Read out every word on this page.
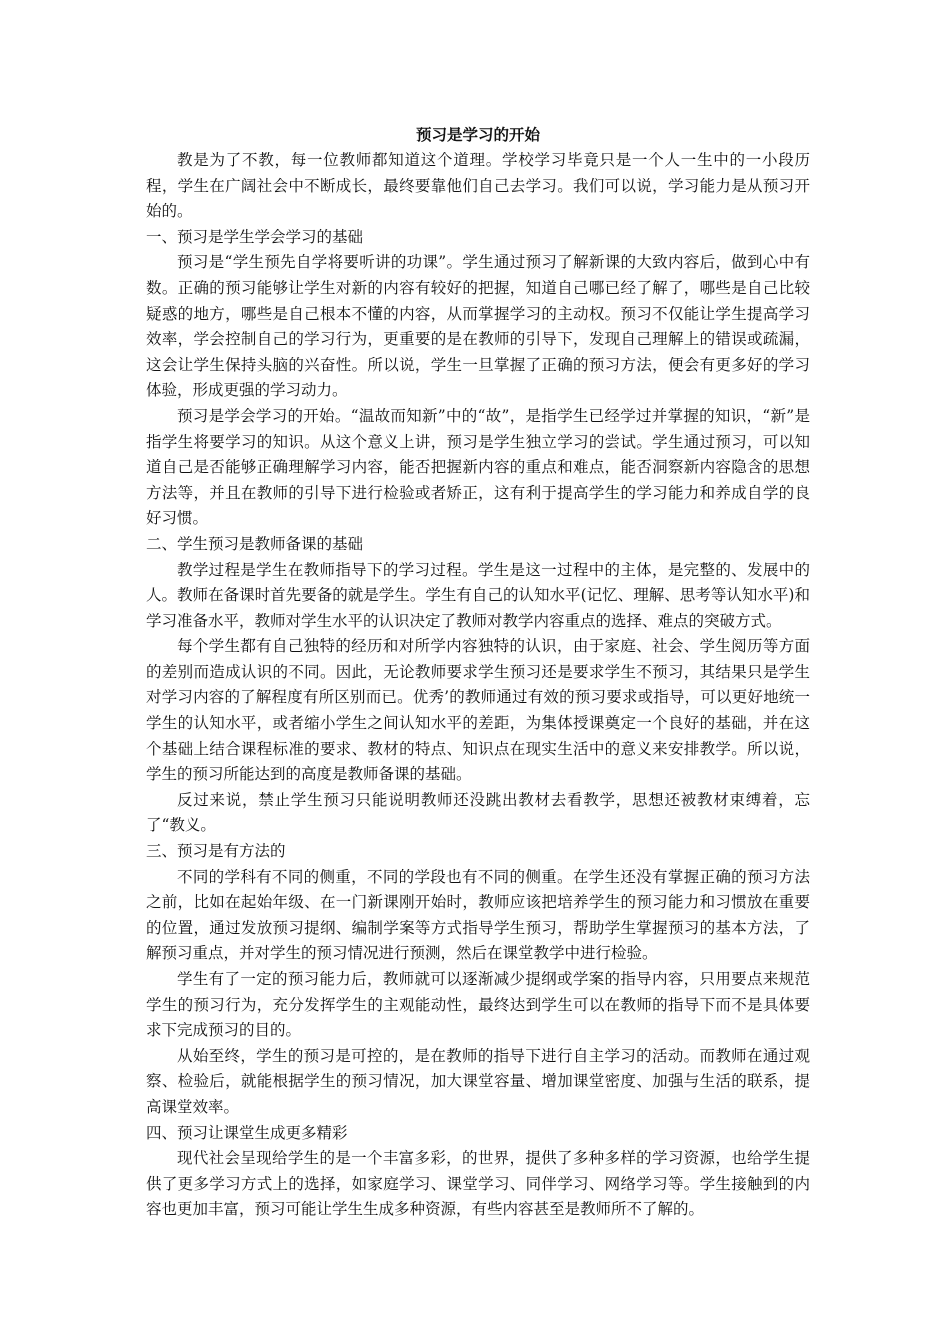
预习是学习的开始

教是为了不教，每一位教师都知道这个道理。学校学习毕竟只是一个人一生中的一小段历程，学生在广阔社会中不断成长，最终要靠他们自己去学习。我们可以说，学习能力是从预习开始的。

一、预习是学生学会学习的基础

预习是“学生预先自学将要听讲的功课”。学生通过预习了解新课的大致内容后，做到心中有数。正确的预习能够让学生对新的内容有较好的把握，知道自己哪已经了解了，哪些是自己比较疑惑的地方，哪些是自己根本不懂的内容，从而掌握学习的主动权。预习不仅能让学生提高学习效率，学会控制自己的学习行为，更重要的是在教师的引导下，发现自己理解上的错误或疏漏，这会让学生保持头脑的兴奋性。所以说，学生一旦掌握了正确的预习方法，便会有更多好的学习体验，形成更强的学习动力。

预习是学会学习的开始。“温故而知新”中的“故”，是指学生已经学过并掌握的知识，“新”是指学生将要学习的知识。从这个意义上讲，预习是学生独立学习的尝试。学生通过预习，可以知道自己是否能够正确理解学习内容，能否把握新内容的重点和难点，能否洞察新内容隐含的思想方法等，并且在教师的引导下进行检验或者矫正，这有利于提高学生的学习能力和养成自学的良好习惯。

二、学生预习是教师备课的基础

教学过程是学生在教师指导下的学习过程。学生是这一过程中的主体，是完整的、发展中的人。教师在备课时首先要备的就是学生。学生有自己的认知水平(记忆、理解、思考等认知水平)和学习准备水平，教师对学生水平的认识决定了教师对教学内容重点的选择、难点的突破方式。

每个学生都有自己独特的经历和对所学内容独特的认识，由于家庭、社会、学生阅历等方面的差别而造成认识的不同。因此，无论教师要求学生预习还是要求学生不预习，其结果只是学生对学习内容的了解程度有所区别而已。优秀’的教师通过有效的预习要求或指导，可以更好地统一学生的认知水平，或者缩小学生之间认知水平的差距，为集体授课奠定一个良好的基础，并在这个基础上结合课程标准的要求、教材的特点、知识点在现实生活中的意义来安排教学。所以说，学生的预习所能达到的高度是教师备课的基础。

反过来说，禁止学生预习只能说明教师还没跳出教材去看教学，思想还被教材束缚着，忘了“教义。

三、预习是有方法的

不同的学科有不同的侧重，不同的学段也有不同的侧重。在学生还没有掌握正确的预习方法之前，比如在起始年级、在一门新课刚开始时，教师应该把培养学生的预习能力和习惯放在重要的位置，通过发放预习提纲、编制学案等方式指导学生预习，帮助学生掌握预习的基本方法，了解预习重点，并对学生的预习情况进行预测，然后在课堂教学中进行检验。

学生有了一定的预习能力后，教师就可以逐渐减少提纲或学案的指导内容，只用要点来规范学生的预习行为，充分发挥学生的主观能动性，最终达到学生可以在教师的指导下而不是具体要求下完成预习的目的。

从始至终，学生的预习是可控的，是在教师的指导下进行自主学习的活动。而教师在通过观察、检验后，就能根据学生的预习情况，加大课堂容量、增加课堂密度、加强与生活的联系，提高课堂效率。

四、预习让课堂生成更多精彩

现代社会呈现给学生的是一个丰富多彩，的世界，提供了多种多样的学习资源，也给学生提供了更多学习方式上的选择，如家庭学习、课堂学习、同伴学习、网络学习等。学生接触到的内容也更加丰富，预习可能让学生生成多种资源，有些内容甚至是教师所不了解的。
